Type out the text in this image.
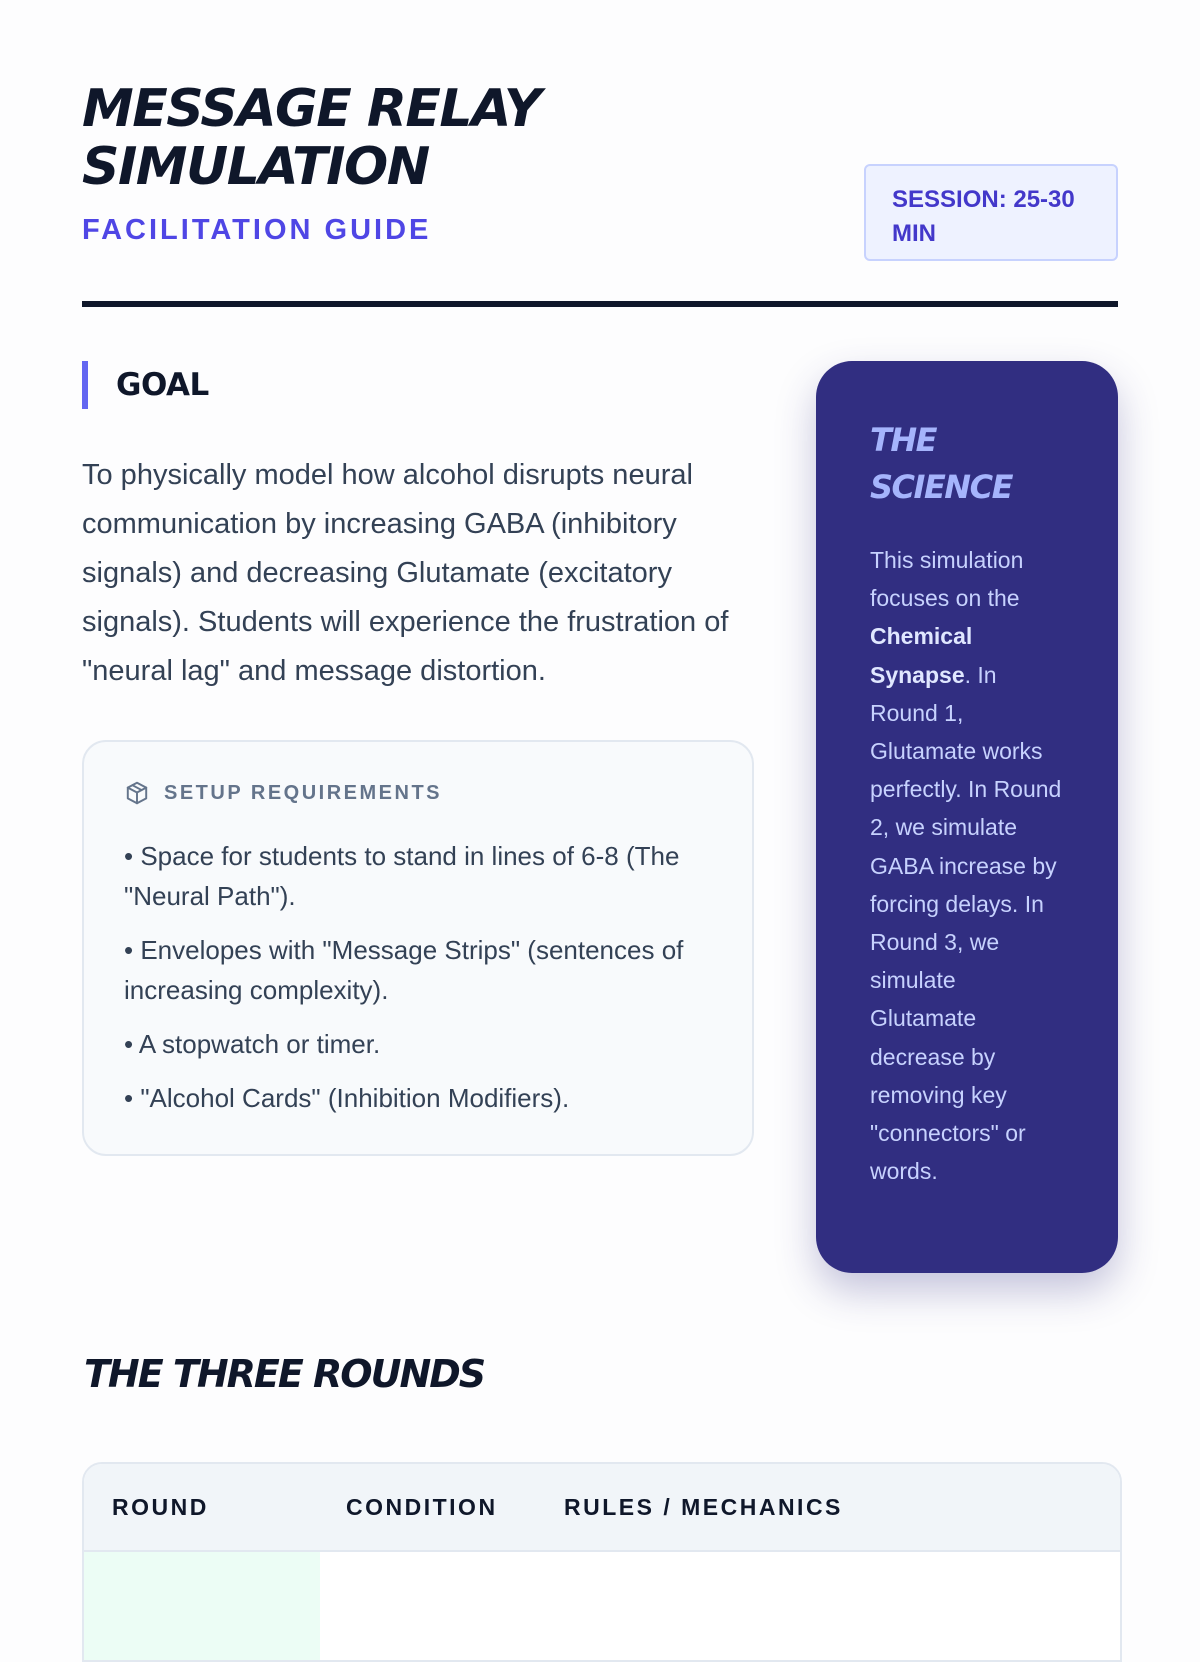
MESSAGE RELAY SIMULATION
FACILITATION GUIDE
SESSION: 25-30 MIN
GOAL

To physically model how alcohol disrupts neural communication by increasing GABA (inhibitory signals) and decreasing Glutamate (excitatory signals). Students will experience the frustration of "neural lag" and message distortion.

SETUP REQUIREMENTS
• Space for students to stand in lines of 6-8 (The "Neural Path").
• Envelopes with "Message Strips" (sentences of increasing complexity).
• A stopwatch or timer.
• "Alcohol Cards" (Inhibition Modifiers).
THE SCIENCE

This simulation focuses on the Chemical Synapse. In Round 1, Glutamate works perfectly. In Round 2, we simulate GABA increase by forcing delays. In Round 3, we simulate Glutamate decrease by removing key "connectors" or words.

THE THREE ROUNDS
ROUND	CONDITION	RULES / MECHANICS
